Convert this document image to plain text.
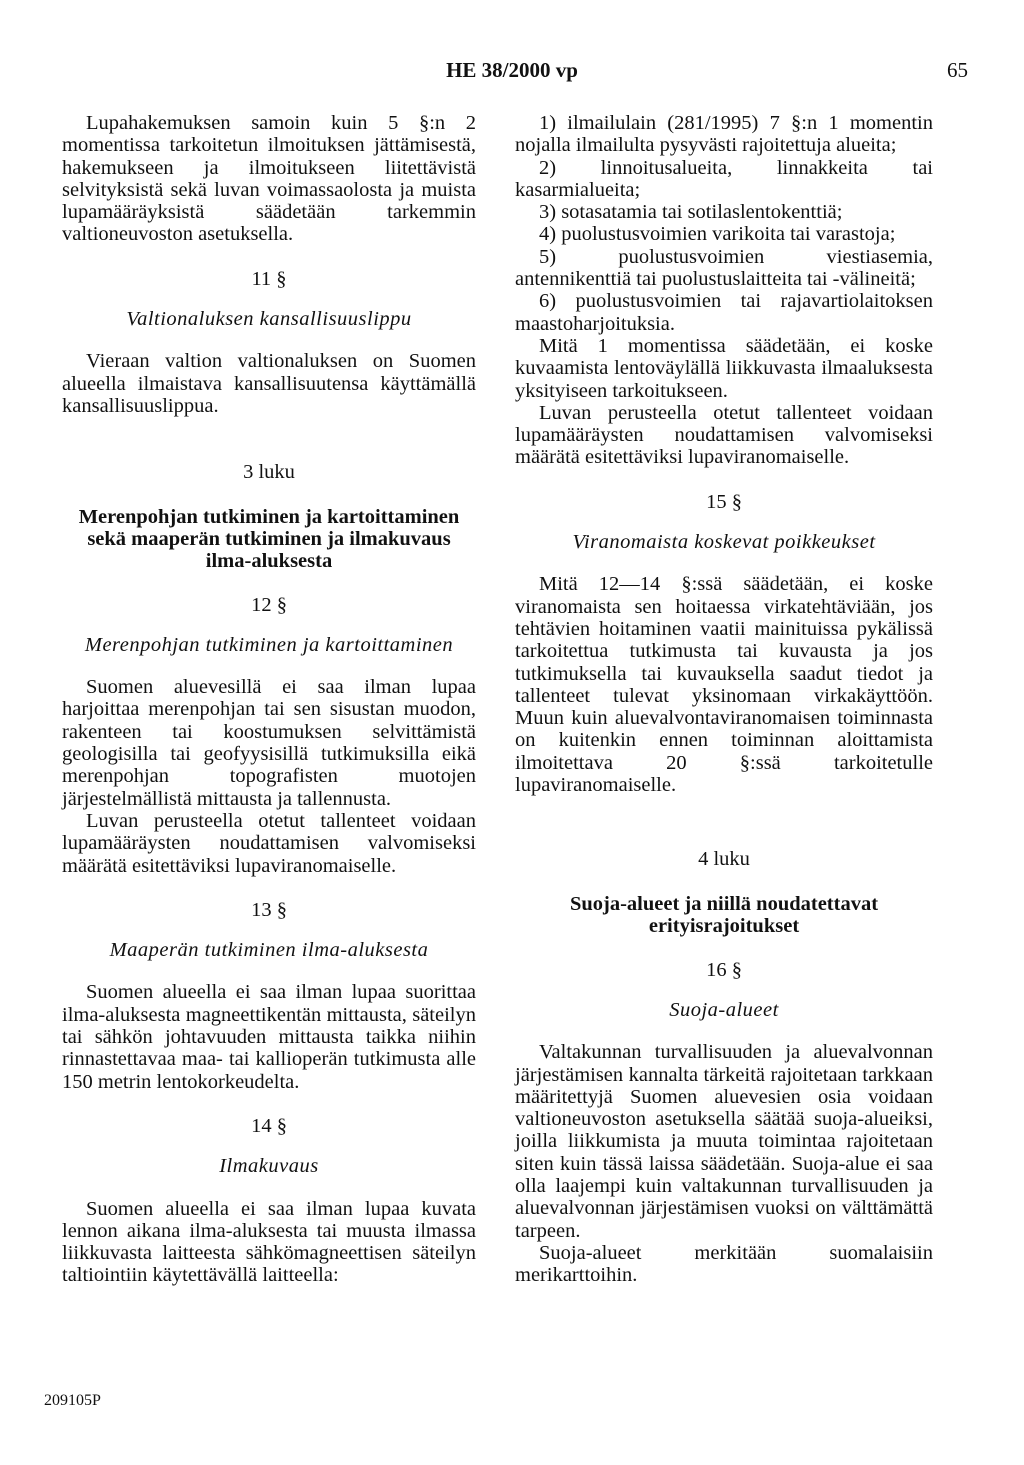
HE 38/2000 vp	65

Lupahakemuksen samoin kuin 5 §:n 2 momentissa tarkoitetun ilmoituksen jättämisestä, hakemukseen ja ilmoitukseen liitettävistä selvityksistä sekä luvan voimassaolosta ja muista lupamääräyksistä säädetään tarkemmin valtioneuvoston asetuksella.

11 §
Valtionaluksen kansallisuuslippu

Vieraan valtion valtionaluksen on Suomen alueella ilmaistava kansallisuutensa käyttämällä kansallisuuslippua.

3 luku
Merenpohjan tutkiminen ja kartoittaminen
sekä maaperän tutkiminen ja ilmakuvaus
ilma-aluksesta
12 §
Merenpohjan tutkiminen ja kartoittaminen

Suomen aluevesillä ei saa ilman lupaa harjoittaa merenpohjan tai sen sisustan muodon, rakenteen tai koostumuksen selvittämistä geologisilla tai geofyysisillä tutkimuksilla eikä merenpohjan topografisten muotojen järjestelmällistä mittausta ja tallennusta.

Luvan perusteella otetut tallenteet voidaan lupamääräysten noudattamisen valvomiseksi määrätä esitettäviksi lupaviranomaiselle.

13 §
Maaperän tutkiminen ilma-aluksesta

Suomen alueella ei saa ilman lupaa suorittaa ilma-aluksesta magneettikentän mittausta, säteilyn tai sähkön johtavuuden mittausta taikka niihin rinnastettavaa maa- tai kallioperän tutkimusta alle 150 metrin lentokorkeudelta.

14 §
Ilmakuvaus

Suomen alueella ei saa ilman lupaa kuvata lennon aikana ilma-aluksesta tai muusta ilmassa liikkuvasta laitteesta sähkömagneettisen säteilyn taltiointiin käytettävällä laitteella:

1) ilmailulain (281/1995) 7 §:n 1 momentin nojalla ilmailulta pysyvästi rajoitettuja alueita;

2) linnoitusalueita, linnakkeita tai kasarmialueita;

3) sotasatamia tai sotilaslentokenttiä;

4) puolustusvoimien varikoita tai varastoja;

5) puolustusvoimien viestiasemia, antennikenttiä tai puolustuslaitteita tai -välineitä;

6) puolustusvoimien tai rajavartiolaitoksen maastoharjoituksia.

Mitä 1 momentissa säädetään, ei koske kuvaamista lentoväylällä liikkuvasta ilmaaluksesta yksityiseen tarkoitukseen.

Luvan perusteella otetut tallenteet voidaan lupamääräysten noudattamisen valvomiseksi määrätä esitettäviksi lupaviranomaiselle.

15 §
Viranomaista koskevat poikkeukset

Mitä 12—14 §:ssä säädetään, ei koske viranomaista sen hoitaessa virkatehtäviään, jos tehtävien hoitaminen vaatii mainituissa pykälissä tarkoitettua tutkimusta tai kuvausta ja jos tutkimuksella tai kuvauksella saadut tiedot ja tallenteet tulevat yksinomaan virkakäyttöön. Muun kuin aluevalvontaviranomaisen toiminnasta on kuitenkin ennen toiminnan aloittamista ilmoitettava 20 §:ssä tarkoitetulle lupaviranomaiselle.

4 luku
Suoja-alueet ja niillä noudatettavat
erityisrajoitukset
16 §
Suoja-alueet

Valtakunnan turvallisuuden ja aluevalvonnan järjestämisen kannalta tärkeitä rajoitetaan tarkkaan määritettyjä Suomen aluevesien osia voidaan valtioneuvoston asetuksella säätää suoja-alueiksi, joilla liikkumista ja muuta toimintaa rajoitetaan siten kuin tässä laissa säädetään. Suoja-alue ei saa olla laajempi kuin valtakunnan turvallisuuden ja aluevalvonnan järjestämisen vuoksi on välttämättä tarpeen.

Suoja-alueet merkitään suomalaisiin merikarttoihin.

209105P
